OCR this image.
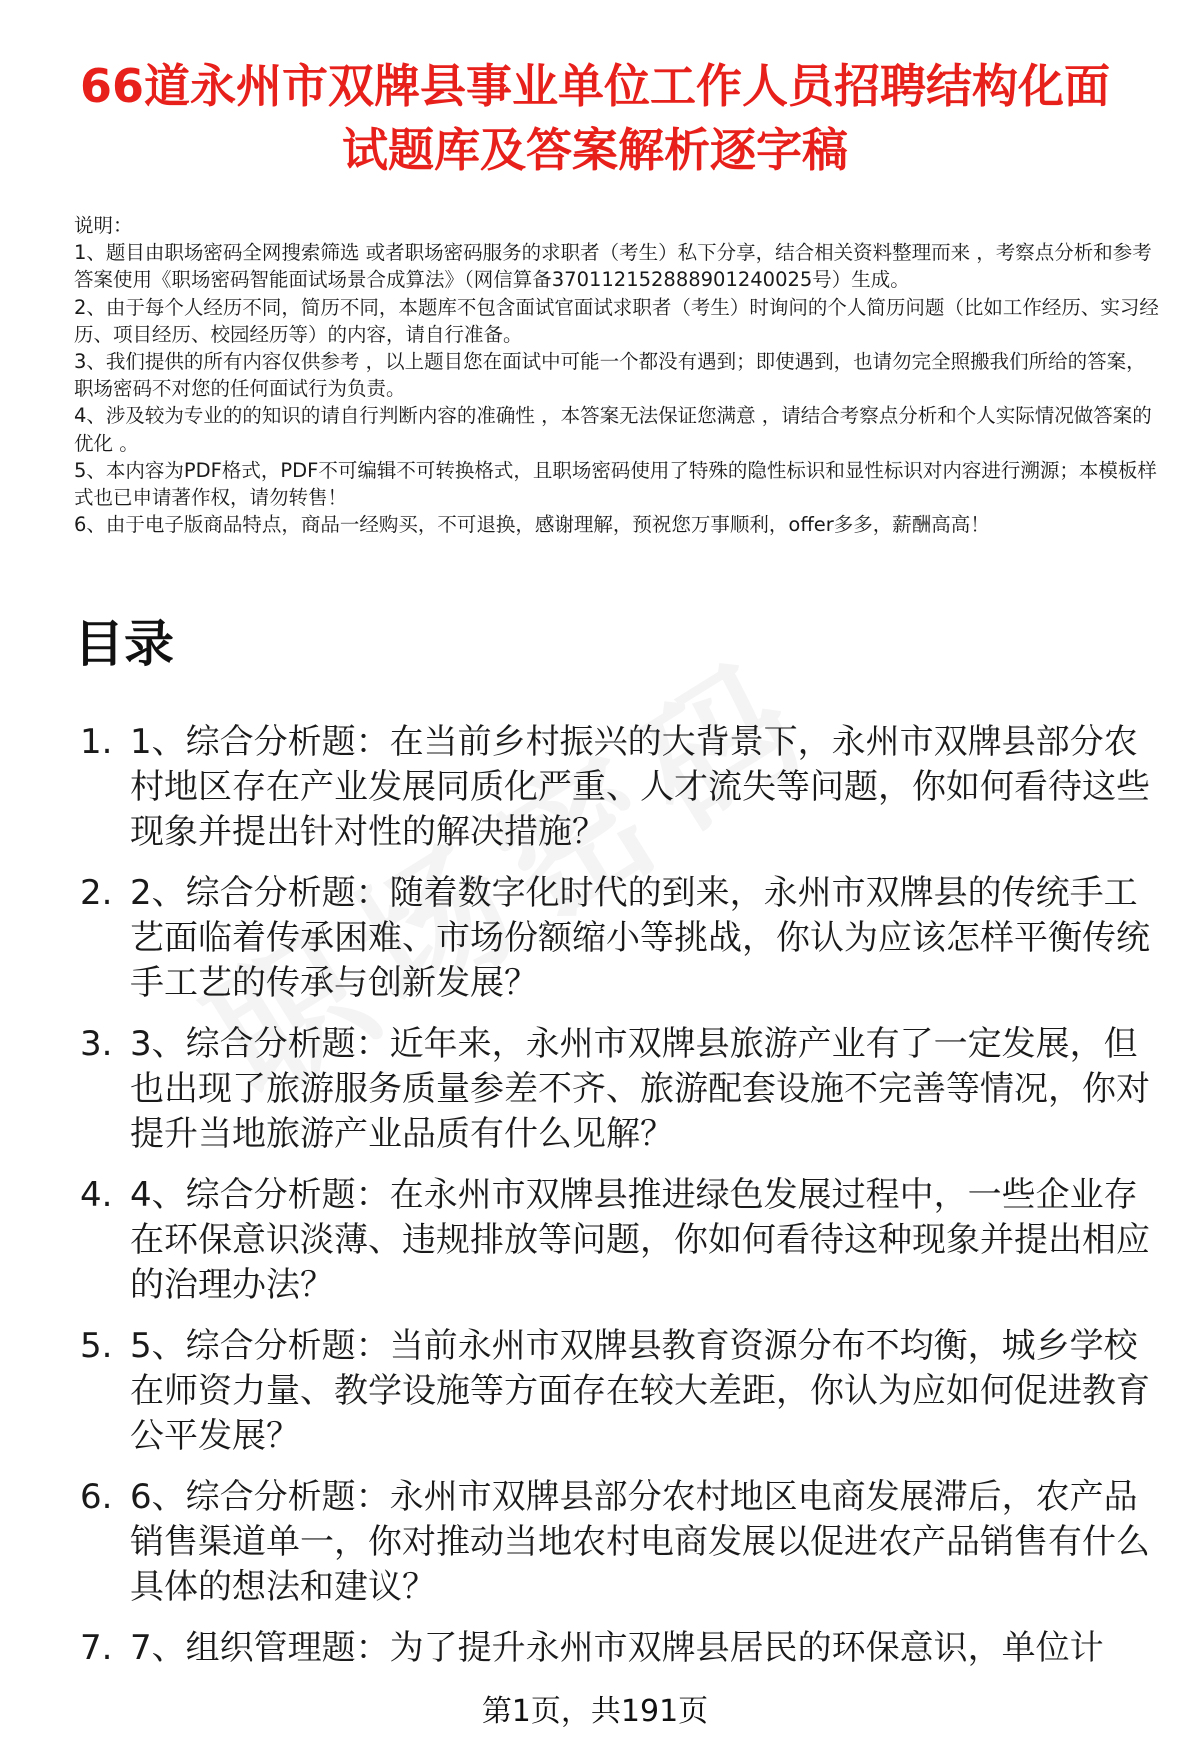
66道永州市双牌县事业单位工作人员招聘结构化面试题库及答案解析逐字稿

说明：

1、题目由职场密码全网搜索筛选 或者职场密码服务的求职者（考生）私下分享，结合相关资料整理而来 ，考察点分析和参考答案使用《职场密码智能面试场景合成算法》（网信算备370112152888901240025号）生成。

2、由于每个人经历不同，简历不同，本题库不包含面试官面试求职者（考生）时询问的个人简历问题（比如工作经历、实习经历、项目经历、校园经历等）的内容，请自行准备。

3、我们提供的所有内容仅供参考 ，以上题目您在面试中可能一个都没有遇到；即使遇到，也请勿完全照搬我们所给的答案，职场密码不对您的任何面试行为负责。

4、涉及较为专业的的知识的请自行判断内容的准确性 ，本答案无法保证您满意 ，请结合考察点分析和个人实际情况做答案的优化 。

5、本内容为PDF格式，PDF不可编辑不可转换格式，且职场密码使用了特殊的隐性标识和显性标识对内容进行溯源；本模板样式也已申请著作权，请勿转售！

6、由于电子版商品特点，商品一经购买，不可退换，感谢理解，预祝您万事顺利，offer多多，薪酬高高！

目录
1. 1、综合分析题：在当前乡村振兴的大背景下，永州市双牌县部分农村地区存在产业发展同质化严重、人才流失等问题，你如何看待这些现象并提出针对性的解决措施？
2. 2、综合分析题：随着数字化时代的到来，永州市双牌县的传统手工艺面临着传承困难、市场份额缩小等挑战，你认为应该怎样平衡传统手工艺的传承与创新发展？
3. 3、综合分析题：近年来，永州市双牌县旅游产业有了一定发展，但也出现了旅游服务质量参差不齐、旅游配套设施不完善等情况，你对提升当地旅游产业品质有什么见解？
4. 4、综合分析题：在永州市双牌县推进绿色发展过程中，一些企业存在环保意识淡薄、违规排放等问题，你如何看待这种现象并提出相应的治理办法？
5. 5、综合分析题：当前永州市双牌县教育资源分布不均衡，城乡学校在师资力量、教学设施等方面存在较大差距，你认为应如何促进教育公平发展？
6. 6、综合分析题：永州市双牌县部分农村地区电商发展滞后，农产品销售渠道单一，你对推动当地农村电商发展以促进农产品销售有什么具体的想法和建议？
7. 7、组织管理题：为了提升永州市双牌县居民的环保意识，单位计
第1页，共191页
